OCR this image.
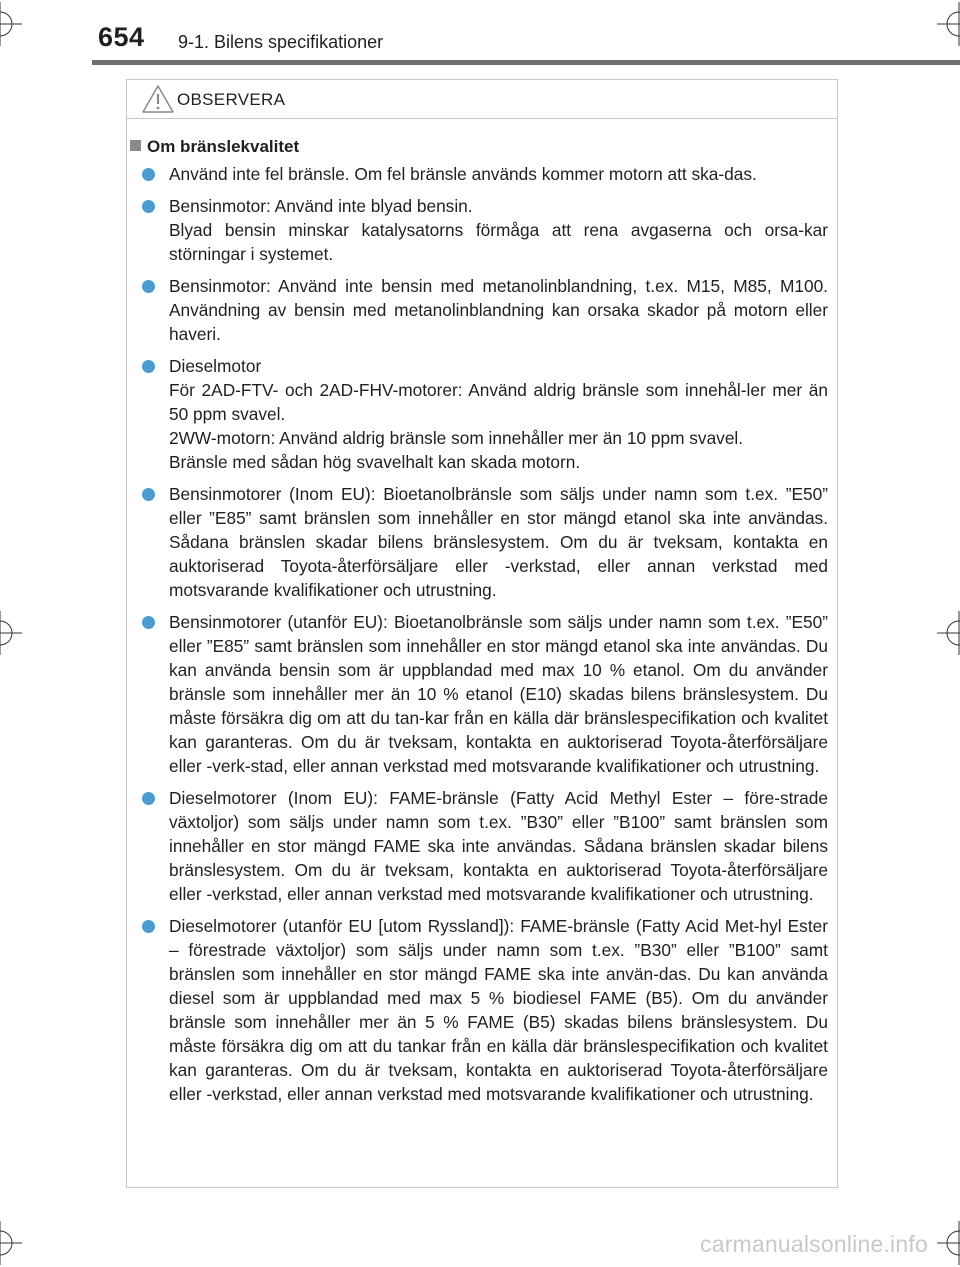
654 9-1. Bilens specifikationer
OBSERVERA
Om bränslekvalitet
Använd inte fel bränsle. Om fel bränsle används kommer motorn att ska-das.
Bensinmotor: Använd inte blyad bensin.
Blyad bensin minskar katalysatorns förmåga att rena avgaserna och orsa-kar störningar i systemet.
Bensinmotor: Använd inte bensin med metanolinblandning, t.ex. M15, M85, M100. Användning av bensin med metanolinblandning kan orsaka skador på motorn eller haveri.
Dieselmotor
För 2AD-FTV- och 2AD-FHV-motorer: Använd aldrig bränsle som innehål-ler mer än 50 ppm svavel.
2WW-motorn: Använd aldrig bränsle som innehåller mer än 10 ppm svavel.
Bränsle med sådan hög svavelhalt kan skada motorn.
Bensinmotorer (Inom EU): Bioetanolbränsle som säljs under namn som t.ex. ”E50” eller ”E85” samt bränslen som innehåller en stor mängd etanol ska inte användas. Sådana bränslen skadar bilens bränslesystem. Om du är tveksam, kontakta en auktoriserad Toyota-återförsäljare eller -verkstad, eller annan verkstad med motsvarande kvalifikationer och utrustning.
Bensinmotorer (utanför EU): Bioetanolbränsle som säljs under namn som t.ex. ”E50” eller ”E85” samt bränslen som innehåller en stor mängd etanol ska inte användas. Du kan använda bensin som är uppblandad med max 10 % etanol. Om du använder bränsle som innehåller mer än 10 % etanol (E10) skadas bilens bränslesystem. Du måste försäkra dig om att du tan-kar från en källa där bränslespecifikation och kvalitet kan garanteras. Om du är tveksam, kontakta en auktoriserad Toyota-återförsäljare eller -verk-stad, eller annan verkstad med motsvarande kvalifikationer och utrustning.
Dieselmotorer (Inom EU): FAME-bränsle (Fatty Acid Methyl Ester – före-strade växtoljor) som säljs under namn som t.ex. ”B30” eller ”B100” samt bränslen som innehåller en stor mängd FAME ska inte användas. Sådana bränslen skadar bilens bränslesystem. Om du är tveksam, kontakta en auktoriserad Toyota-återförsäljare eller -verkstad, eller annan verkstad med motsvarande kvalifikationer och utrustning.
Dieselmotorer (utanför EU [utom Ryssland]): FAME-bränsle (Fatty Acid Met-hyl Ester – förestrade växtoljor) som säljs under namn som t.ex. ”B30” eller ”B100” samt bränslen som innehåller en stor mängd FAME ska inte använ-das. Du kan använda diesel som är uppblandad med max 5 % biodiesel FAME (B5). Om du använder bränsle som innehåller mer än 5 % FAME (B5) skadas bilens bränslesystem. Du måste försäkra dig om att du tankar från en källa där bränslespecifikation och kvalitet kan garanteras. Om du är tveksam, kontakta en auktoriserad Toyota-återförsäljare eller -verkstad, eller annan verkstad med motsvarande kvalifikationer och utrustning.
carmanualsonline.info
